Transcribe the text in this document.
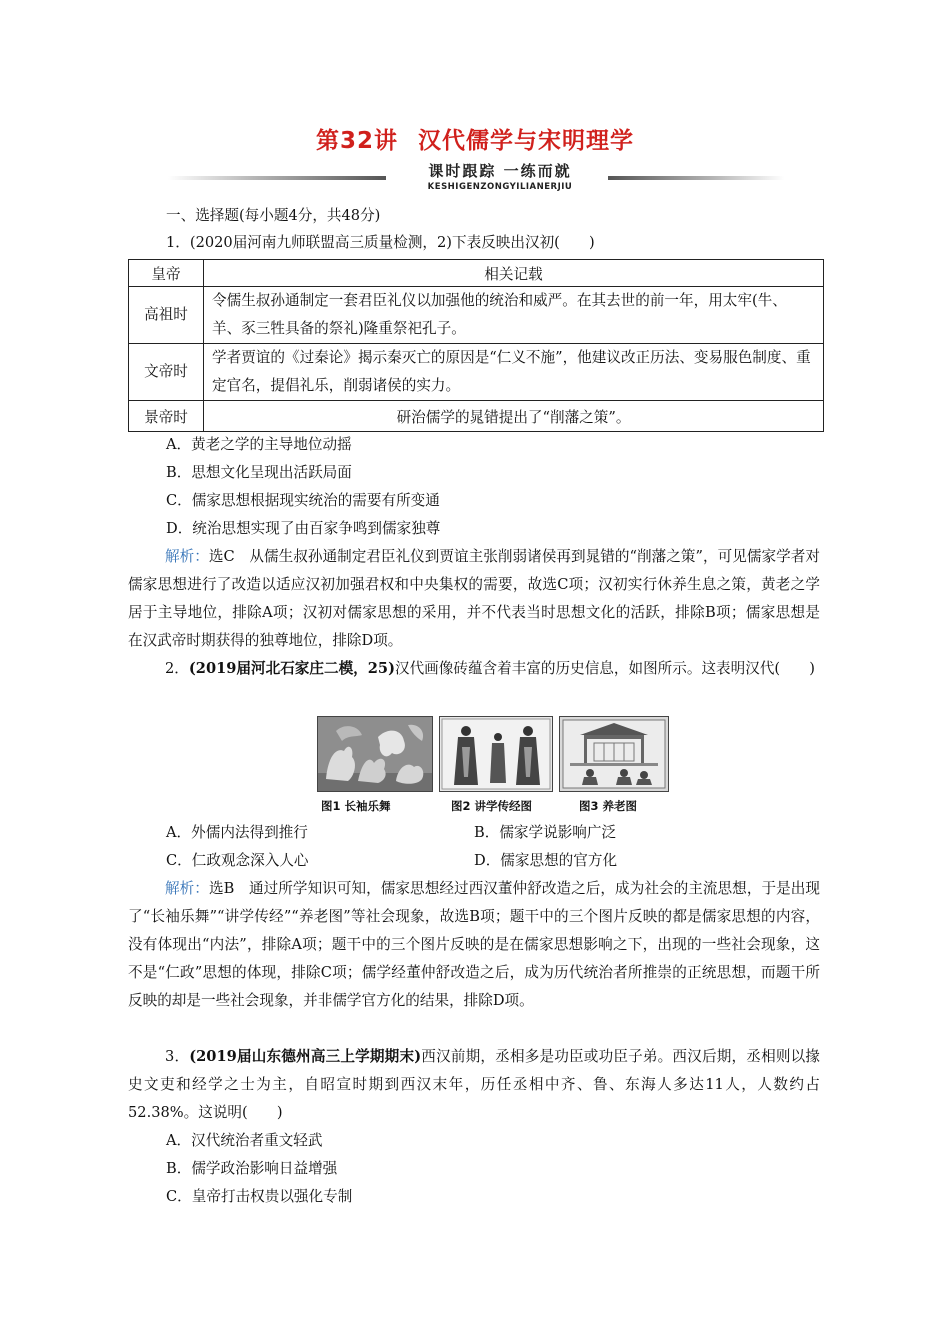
第32讲 汉代儒学与宋明理学
课时跟踪 一练而就
KESHIGENZONGYILIANERJIU
一、选择题(每小题4分，共48分)
1．(2020届河南九师联盟高三质量检测，2)下表反映出汉初(　　)
皇帝	相关记载
高祖时	令儒生叔孙通制定一套君臣礼仪以加强他的统治和威严。在其去世的前一年，用太牢(牛、羊、豕三牲具备的祭礼)隆重祭祀孔子。
文帝时	学者贾谊的《过秦论》揭示秦灭亡的原因是“仁义不施”，他建议改正历法、变易服色制度、重定官名，提倡礼乐，削弱诸侯的实力。
景帝时	研治儒学的晁错提出了“削藩之策”。
A．黄老之学的主导地位动摇
B．思想文化呈现出活跃局面
C．儒家思想根据现实统治的需要有所变通
D．统治思想实现了由百家争鸣到儒家独尊
解析：选C　从儒生叔孙通制定君臣礼仪到贾谊主张削弱诸侯再到晁错的“削藩之策”，可见儒家学者对儒家思想进行了改造以适应汉初加强君权和中央集权的需要，故选C项；汉初实行休养生息之策，黄老之学居于主导地位，排除A项；汉初对儒家思想的采用，并不代表当时思想文化的活跃，排除B项；儒家思想是在汉武帝时期获得的独尊地位，排除D项。
2．(2019届河北石家庄二模，25)汉代画像砖蕴含着丰富的历史信息，如图所示。这表明汉代(　　)
图1 长袖乐舞	图2 讲学传经图	图3 养老图
A．外儒内法得到推行	B．儒家学说影响广泛
C．仁政观念深入人心	D．儒家思想的官方化
解析：选B　通过所学知识可知，儒家思想经过西汉董仲舒改造之后，成为社会的主流思想，于是出现了“长袖乐舞”“讲学传经”“养老图”等社会现象，故选B项；题干中的三个图片反映的都是儒家思想的内容，没有体现出“内法”，排除A项；题干中的三个图片反映的是在儒家思想影响之下，出现的一些社会现象，这不是“仁政”思想的体现，排除C项；儒学经董仲舒改造之后，成为历代统治者所推崇的正统思想，而题干所反映的却是一些社会现象，并非儒学官方化的结果，排除D项。
3．(2019届山东德州高三上学期期末)西汉前期，丞相多是功臣或功臣子弟。西汉后期，丞相则以掾史文吏和经学之士为主，自昭宣时期到西汉末年，历任丞相中齐、鲁、东海人多达11人，人数约占52.38%。这说明(　　)
A．汉代统治者重文轻武
B．儒学政治影响日益增强
C．皇帝打击权贵以强化专制
